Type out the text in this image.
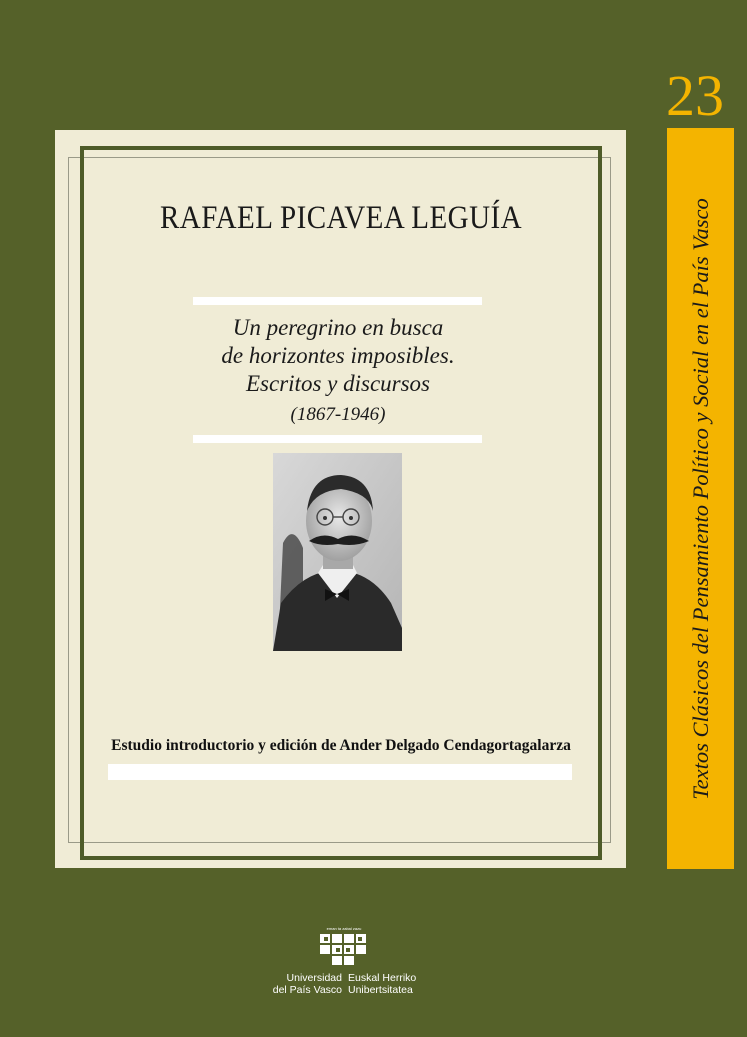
23
Textos Clásicos del Pensamiento Político y Social en el País Vasco
RAFAEL PICAVEA LEGUÍA
Un peregrino en busca
de horizontes imposibles.
Escritos y discursos
(1867-1946)
Estudio introductorio y edición de Ander Delgado Cendagortagalarza
eman ta zabal zazu
Universidad
del País Vasco
Euskal Herriko
Unibertsitatea
